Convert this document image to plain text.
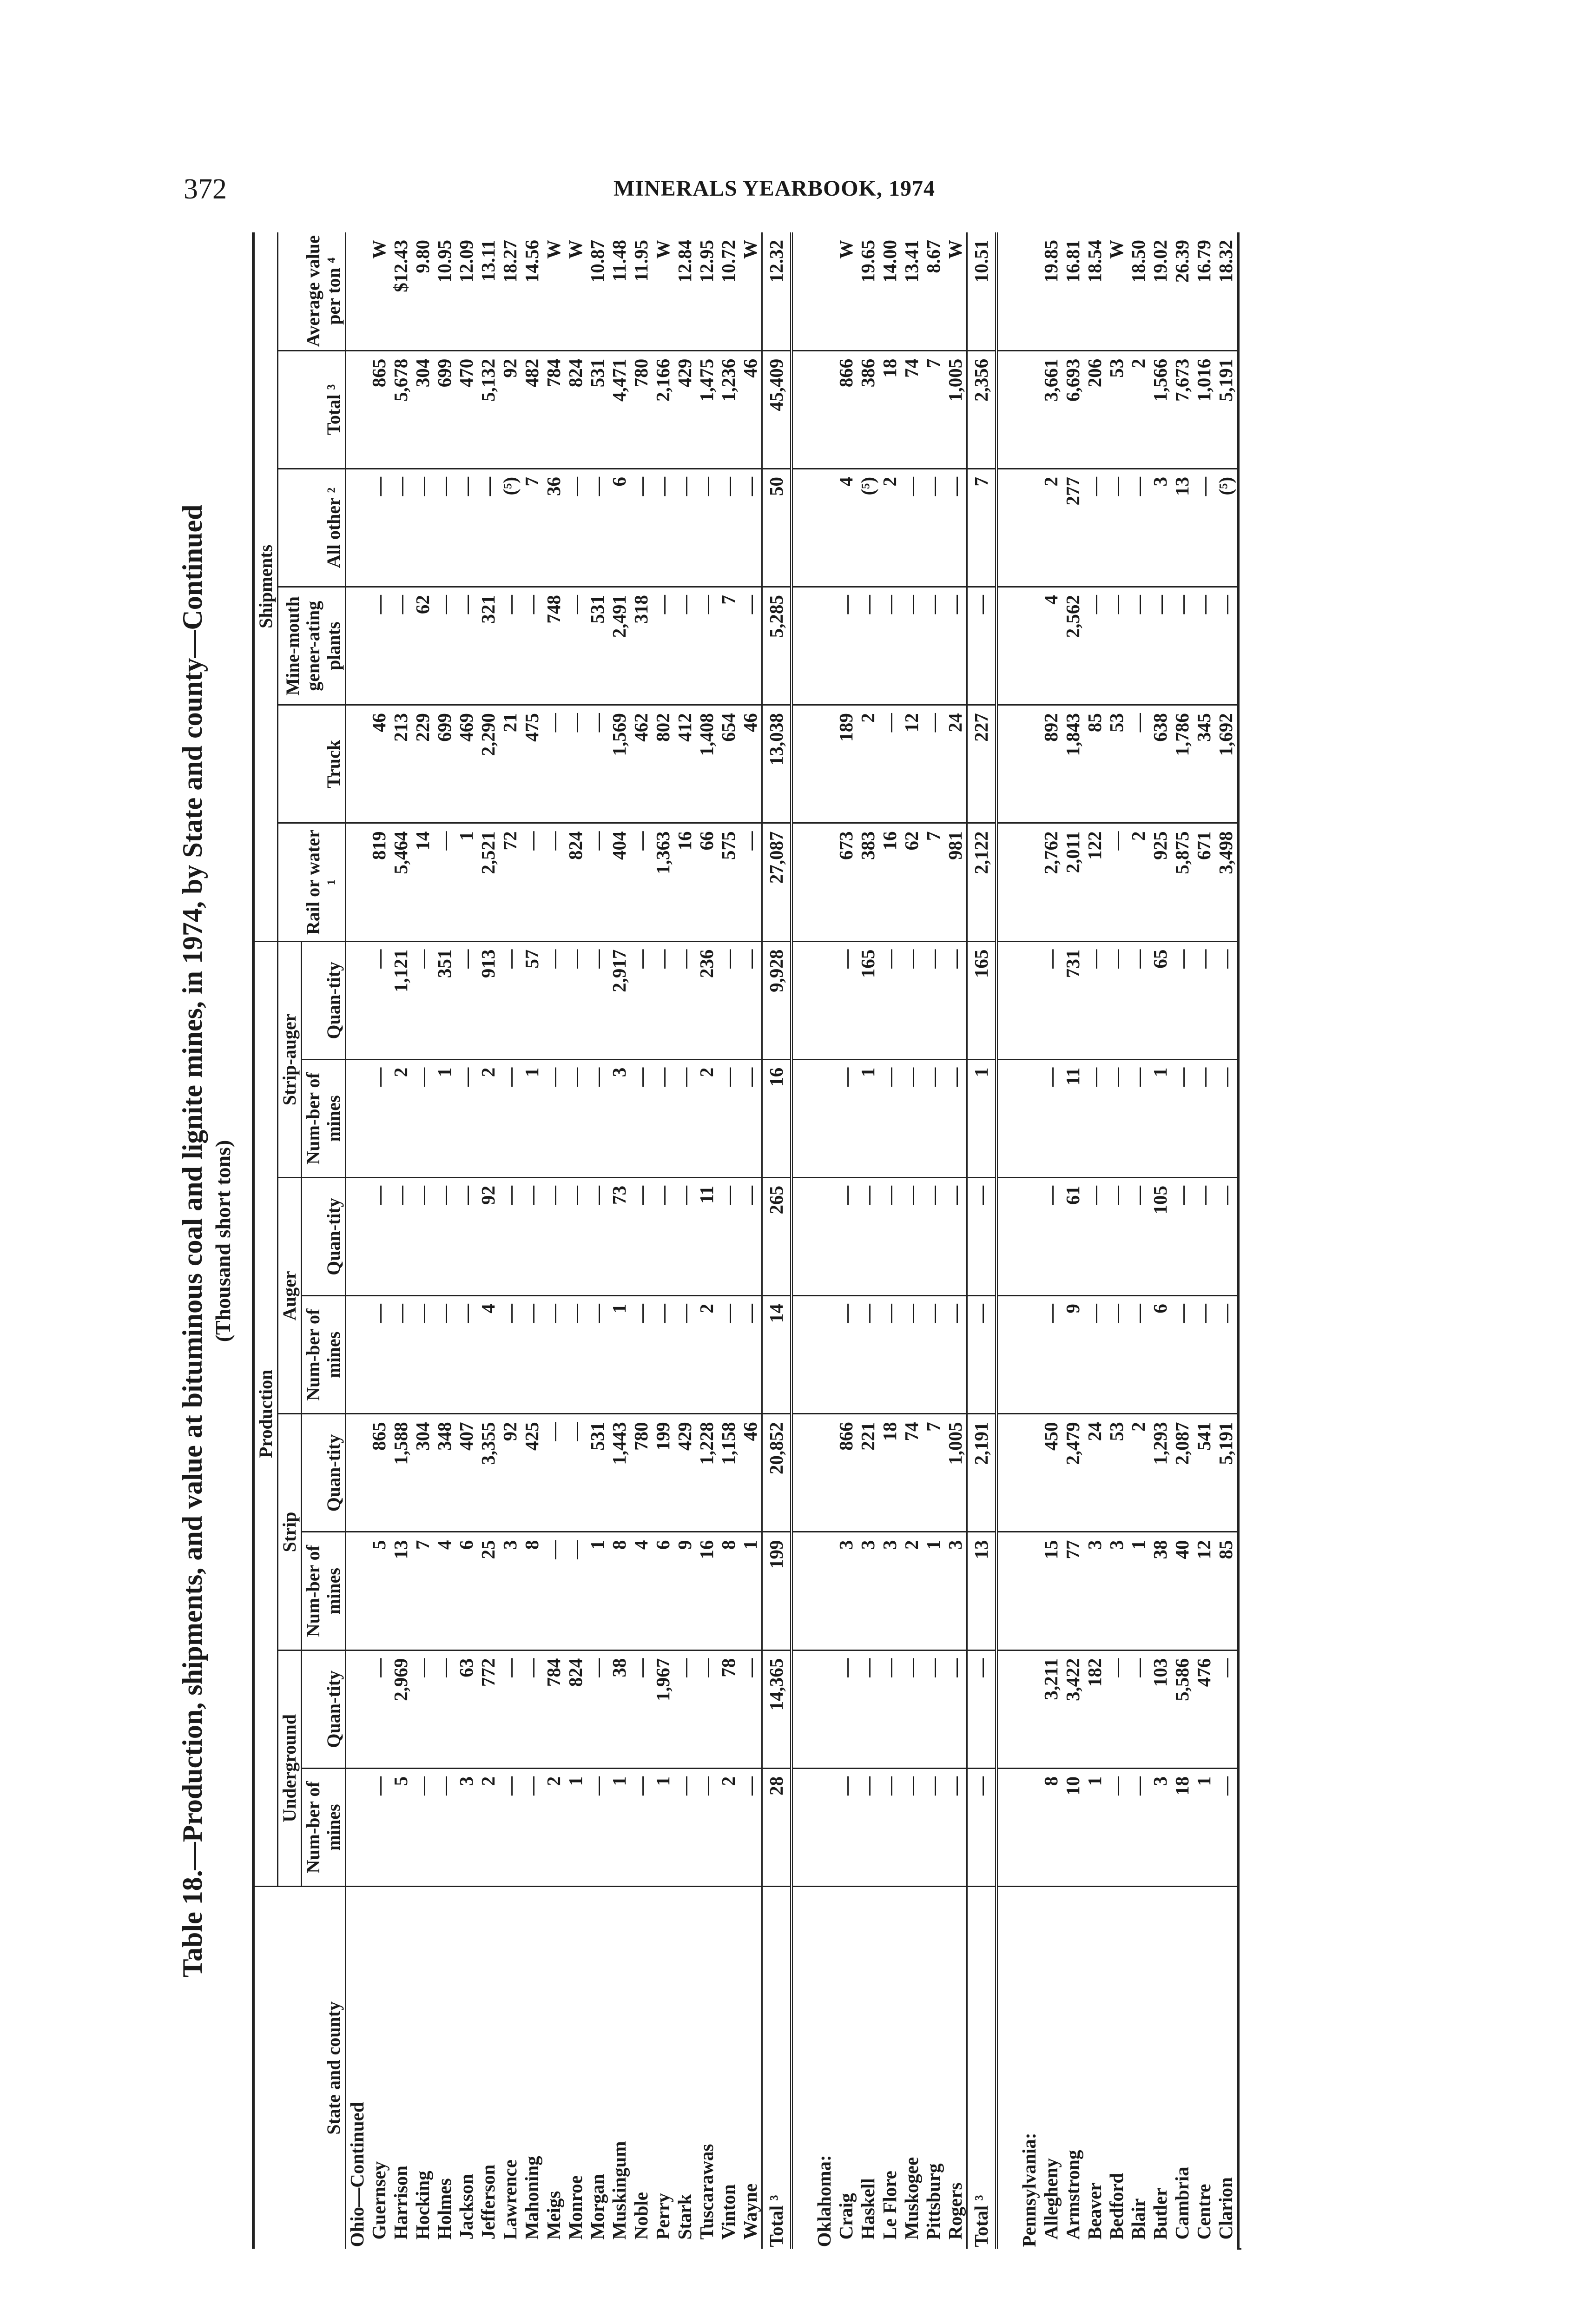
372	MINERALS YEARBOOK, 1974
Table 18.—Production, shipments, and value at bituminous coal and lignite mines, in 1974, by State and county—Continued (Thousand short tons)
State and county	Production								Shipments					
	Underground		Strip		Auger		Strip-auger		Rail or water ¹	Truck	Mine-mouth gener-ating plants	All other ²	Total ³	Average value per ton ⁴
	Num-ber of mines	Quan-tity	Num-ber of mines	Quan-tity	Num-ber of mines	Quan-tity	Num-ber of mines	Quan-tity						
Ohio—Continued														
Guernsey	—	—	5	865	—	—	—	—	819	46	—	—	865	W
Harrison	5	2,969	13	1,588	—	—	2	1,121	5,464	213	—	—	5,678	$12.43
Hocking	—	—	7	304	—	—	—	—	14	229	62	—	304	9.80
Holmes	—	—	4	348	—	—	1	351	—	699	—	—	699	10.95
Jackson	3	63	6	407	—	—	—	—	1	469	—	—	470	12.09
Jefferson	2	772	25	3,355	4	92	2	913	2,521	2,290	321	—	5,132	13.11
Lawrence	—	—	3	92	—	—	—	—	72	21	—	(⁵)	92	18.27
Mahoning	—	—	8	425	—	—	1	57	—	475	—	7	482	14.56
Meigs	2	784	—	—	—	—	—	—	—	—	748	36	784	W
Monroe	1	824	—	—	—	—	—	—	824	—	—	—	824	W
Morgan	—	—	1	531	—	—	—	—	—	—	531	—	531	10.87
Muskingum	1	38	8	1,443	1	73	3	2,917	404	1,569	2,491	6	4,471	11.48
Noble	—	—	4	780	—	—	—	—	—	462	318	—	780	11.95
Perry	1	1,967	6	199	—	—	—	—	1,363	802	—	—	2,166	W
Stark	—	—	9	429	—	—	—	—	16	412	—	—	429	12.84
Tuscarawas	—	—	16	1,228	2	11	2	236	66	1,408	—	—	1,475	12.95
Vinton	2	78	8	1,158	—	—	—	—	575	654	7	—	1,236	10.72
Wayne	—	—	1	46	—	—	—	—	—	46	—	—	46	W
Total ³	28	14,365	199	20,852	14	265	16	9,928	27,087	13,038	5,285	50	45,409	12.32

Oklahoma:														
Craig	—	—	3	866	—	—	—	—	673	189	—	4	866	W
Haskell	—	—	3	221	—	—	1	165	383	2	—	(⁵)	386	19.65
Le Flore	—	—	3	18	—	—	—	—	16	—	—	2	18	14.00
Muskogee	—	—	2	74	—	—	—	—	62	12	—	—	74	13.41
Pittsburg	—	—	1	7	—	—	—	—	7	—	—	—	7	8.67
Rogers	—	—	3	1,005	—	—	—	—	981	24	—	—	1,005	W
Total ³	—	—	13	2,191	—	—	1	165	2,122	227	—	7	2,356	10.51

Pennsylvania:														
Allegheny	8	3,211	15	450	—	—	—	—	2,762	892	4	2	3,661	19.85
Armstrong	10	3,422	77	2,479	9	61	11	731	2,011	1,843	2,562	277	6,693	16.81
Beaver	1	182	3	24	—	—	—	—	122	85	—	—	206	18.54
Bedford	—	—	3	53	—	—	—	—	—	53	—	—	53	W
Blair	—	—	1	2	—	—	—	—	2	—	—	—	2	18.50
Butler	3	103	38	1,293	6	105	1	65	925	638	—	3	1,566	19.02
Cambria	18	5,586	40	2,087	—	—	—	—	5,875	1,786	—	13	7,673	26.39
Centre	1	476	12	541	—	—	—	—	671	345	—	—	1,016	16.79
Clarion	—	—	85	5,191	—	—	—	—	3,498	1,692	—	(⁵)	5,191	18.32
